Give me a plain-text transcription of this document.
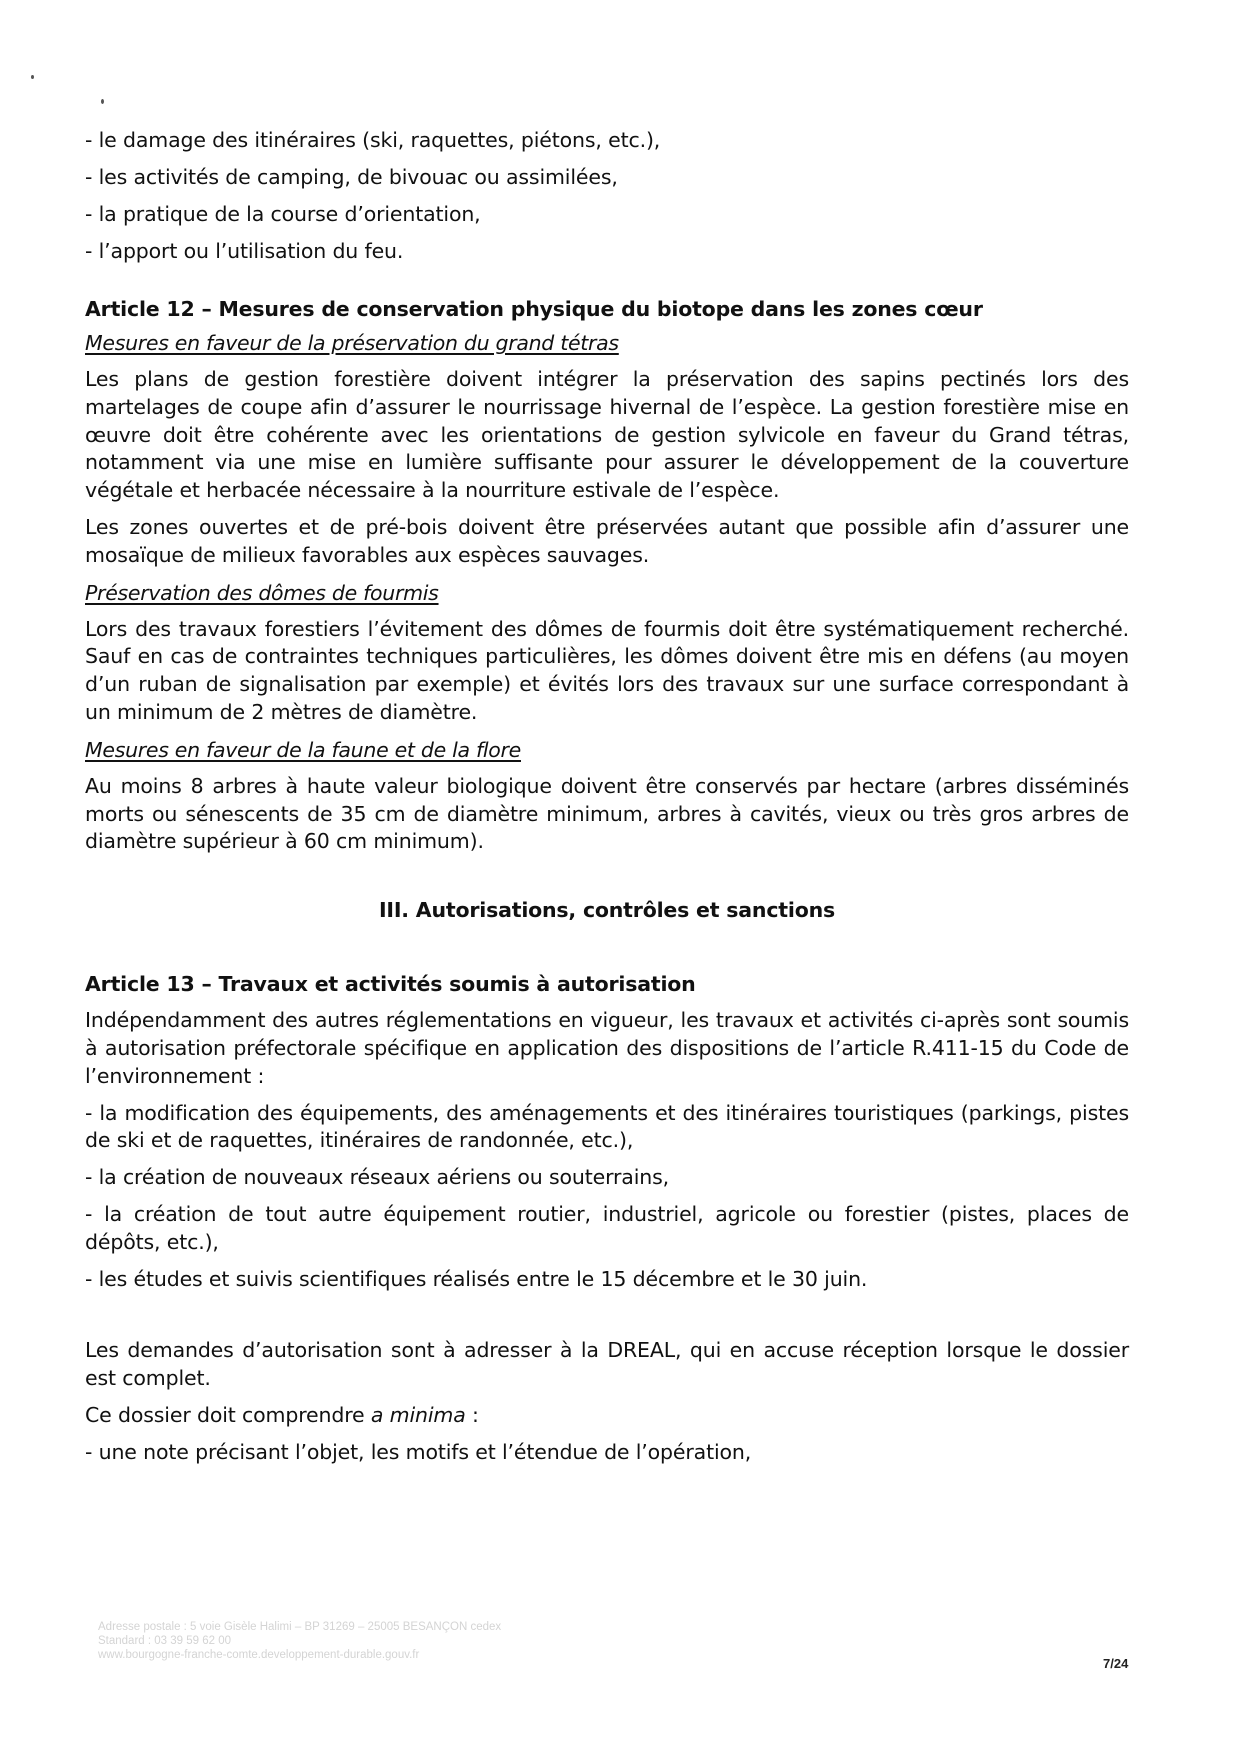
- le damage des itinéraires (ski, raquettes, piétons, etc.),

- les activités de camping, de bivouac ou assimilées,

- la pratique de la course d’orientation,

- l’apport ou l’utilisation du feu.

Article 12 – Mesures de conservation physique du biotope dans les zones cœur

Mesures en faveur de la préservation du grand tétras

Les plans de gestion forestière doivent intégrer la préservation des sapins pectinés lors des martelages de coupe afin d’assurer le nourrissage hivernal de l’espèce. La gestion forestière mise en œuvre doit être cohérente avec les orientations de gestion sylvicole en faveur du Grand tétras, notamment via une mise en lumière suffisante pour assurer le développement de la couverture végétale et herbacée nécessaire à la nourriture estivale de l’espèce.

Les zones ouvertes et de pré-bois doivent être préservées autant que possible afin d’assurer une mosaïque de milieux favorables aux espèces sauvages.

Préservation des dômes de fourmis

Lors des travaux forestiers l’évitement des dômes de fourmis doit être systématiquement recherché. Sauf en cas de contraintes techniques particulières, les dômes doivent être mis en défens (au moyen d’un ruban de signalisation par exemple) et évités lors des travaux sur une surface correspondant à un minimum de 2 mètres de diamètre.

Mesures en faveur de la faune et de la flore

Au moins 8 arbres à haute valeur biologique doivent être conservés par hectare (arbres disséminés morts ou sénescents de 35 cm de diamètre minimum, arbres à cavités, vieux ou très gros arbres de diamètre supérieur à 60 cm minimum).

III. Autorisations, contrôles et sanctions
Article 13 – Travaux et activités soumis à autorisation

Indépendamment des autres réglementations en vigueur, les travaux et activités ci-après sont soumis à autorisation préfectorale spécifique en application des dispositions de l’article R.411-15 du Code de l’environnement :

- la modification des équipements, des aménagements et des itinéraires touristiques (parkings, pistes de ski et de raquettes, itinéraires de randonnée, etc.),

- la création de nouveaux réseaux aériens ou souterrains,

- la création de tout autre équipement routier, industriel, agricole ou forestier (pistes, places de dépôts, etc.),

- les études et suivis scientifiques réalisés entre le 15 décembre et le 30 juin.

Les demandes d’autorisation sont à adresser à la DREAL, qui en accuse réception lorsque le dossier est complet.

Ce dossier doit comprendre a minima :

- une note précisant l’objet, les motifs et l’étendue de l’opération,

Adresse postale : 5 voie Gisèle Halimi – BP 31269 – 25005 BESANÇON cedex
Standard : 03 39 59 62 00
www.bourgogne-franche-comte.developpement-durable.gouv.fr
7/24
